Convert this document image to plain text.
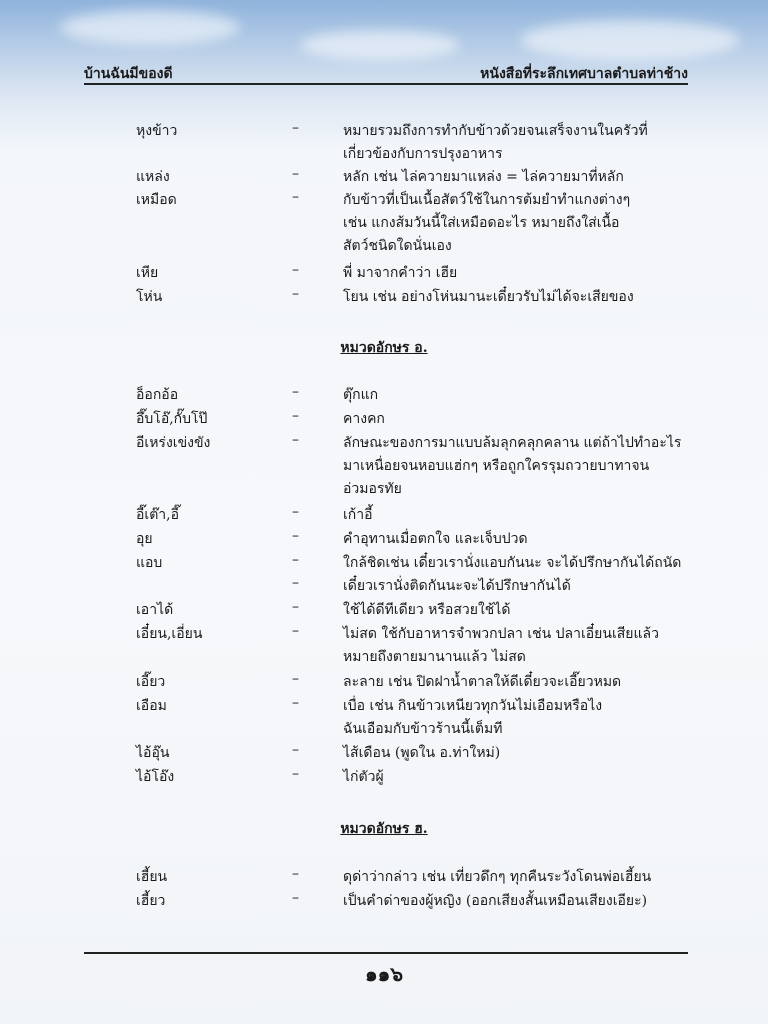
บ้านฉันมีของดี	หนังสือที่ระลึกเทศบาลตำบลท่าช้าง
หุงข้าว	–	หมายรวมถึงการทำกับข้าวด้วยจนเสร็จงานในครัวที่
เกี่ยวข้องกับการปรุงอาหาร
แหล่ง	–	หลัก เช่น ไล่ควายมาแหล่ง = ไล่ควายมาที่หลัก
เหมือด	–	กับข้าวที่เป็นเนื้อสัตว์ใช้ในการต้มยำทำแกงต่างๆ
เช่น แกงส้มวันนี้ใส่เหมือดอะไร หมายถึงใส่เนื้อ
สัตว์ชนิดใดนั่นเอง
เหีย	–	พี่ มาจากคำว่า เฮีย
โห่น	–	โยน เช่น อย่างโห่นมานะเดี๋ยวรับไม่ได้จะเสียของ
หมวดอักษร อ.
อ็อกอ้อ	–	ตุ๊กแก
อึ๊บโอ๊,กั๊บโป๊	–	คางคก
อีเหร่งเข่งขัง	–	ลักษณะของการมาแบบล้มลุกคลุกคลาน แต่ถ้าไปทำอะไร
มาเหนื่อยจนหอบแฮ่กๆ หรือถูกใครรุมถวายบาทาจน
อ่วมอรทัย
อี๊เต๊า,อี๊	–	เก้าอี้
อุย	–	คำอุทานเมื่อตกใจ และเจ็บปวด
แอบ	–	ใกล้ชิดเช่น เดี๋ยวเรานั่งแอบกันนะ จะได้ปรึกษากันได้ถนัด
–	เดี๋ยวเรานั่งติดกันนะจะได้ปรึกษากันได้
เอาได้	–	ใช้ได้ดีทีเดียว หรือสวยใช้ได้
เอี๋ยน,เอี่ยน	–	ไม่สด ใช้กับอาหารจำพวกปลา เช่น ปลาเอี๋ยนเสียแล้ว
หมายถึงตายมานานแล้ว ไม่สด
เอี๊ยว	–	ละลาย เช่น ปิดฝาน้ำตาลให้ดีเดี๋ยวจะเอี๊ยวหมด
เอือม	–	เบื่อ เช่น กินข้าวเหนียวทุกวันไม่เอือมหรือไง
ฉันเอือมกับข้าวร้านนี้เต็มที
ไอ้อุ๊น	–	ไส้เดือน (พูดใน อ.ท่าใหม่)
ไอ้โอ๊ง	–	ไก่ตัวผู้
หมวดอักษร ฮ.
เฮี้ยน	–	ดุด่าว่ากล่าว เช่น เที่ยวดึกๆ ทุกคืนระวังโดนพ่อเฮี้ยน
เฮี้ยว	–	เป็นคำด่าของผู้หญิง (ออกเสียงสั้นเหมือนเสียงเอียะ)
๑๑๖
